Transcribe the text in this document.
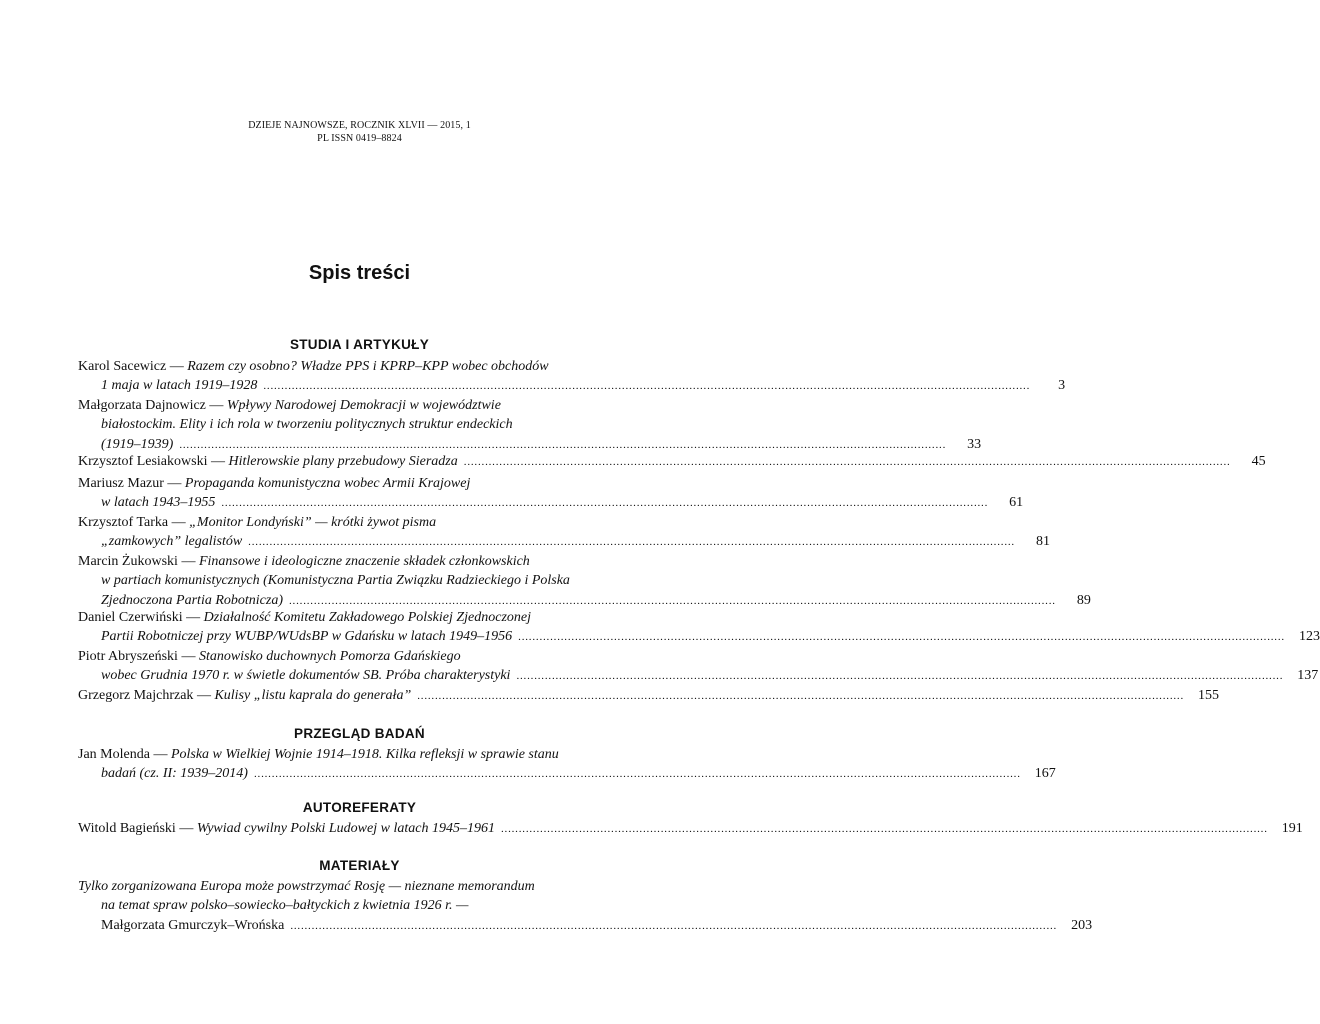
DZIEJE NAJNOWSZE, ROCZNIK XLVII — 2015, 1
PL ISSN 0419–8824
Spis treści
STUDIA I ARTYKUŁY
Karol Sacewicz — Razem czy osobno? Władze PPS i KPRP–KPP wobec obchodów
1 maja w latach 1919–1928 ........................................................................................................................................................................................................................	3
Małgorzata Dajnowicz — Wpływy Narodowej Demokracji w województwie
białostockim. Elity i ich rola w tworzeniu politycznych struktur endeckich
(1919–1939) ........................................................................................................................................................................................................................	33
Krzysztof Lesiakowski — Hitlerowskie plany przebudowy Sieradza ........................................................................................................................................................................................................................	45
Mariusz Mazur — Propaganda komunistyczna wobec Armii Krajowej
w latach 1943–1955 ........................................................................................................................................................................................................................	61
Krzysztof Tarka — „Monitor Londyński” — krótki żywot pisma
„zamkowych” legalistów ........................................................................................................................................................................................................................	81
Marcin Żukowski — Finansowe i ideologiczne znaczenie składek członkowskich
w partiach komunistycznych (Komunistyczna Partia Związku Radzieckiego i Polska
Zjednoczona Partia Robotnicza) ........................................................................................................................................................................................................................	89
Daniel Czerwiński — Działalność Komitetu Zakładowego Polskiej Zjednoczonej
Partii Robotniczej przy WUBP/WUdsBP w Gdańsku w latach 1949–1956 ........................................................................................................................................................................................................................	123
Piotr Abryszeński — Stanowisko duchownych Pomorza Gdańskiego
wobec Grudnia 1970 r. w świetle dokumentów SB. Próba charakterystyki ........................................................................................................................................................................................................................	137
Grzegorz Majchrzak — Kulisy „listu kaprala do generała” ........................................................................................................................................................................................................................	155
PRZEGLĄD BADAŃ
Jan Molenda — Polska w Wielkiej Wojnie 1914–1918. Kilka refleksji w sprawie stanu
badań (cz. II: 1939–2014) ........................................................................................................................................................................................................................	167
AUTOREFERATY
Witold Bagieński — Wywiad cywilny Polski Ludowej w latach 1945–1961 ........................................................................................................................................................................................................................	191
MATERIAŁY
Tylko zorganizowana Europa może powstrzymać Rosję — nieznane memorandum
na temat spraw polsko–sowiecko–bałtyckich z kwietnia 1926 r. —
Małgorzata Gmurczyk–Wrońska ........................................................................................................................................................................................................................	203
